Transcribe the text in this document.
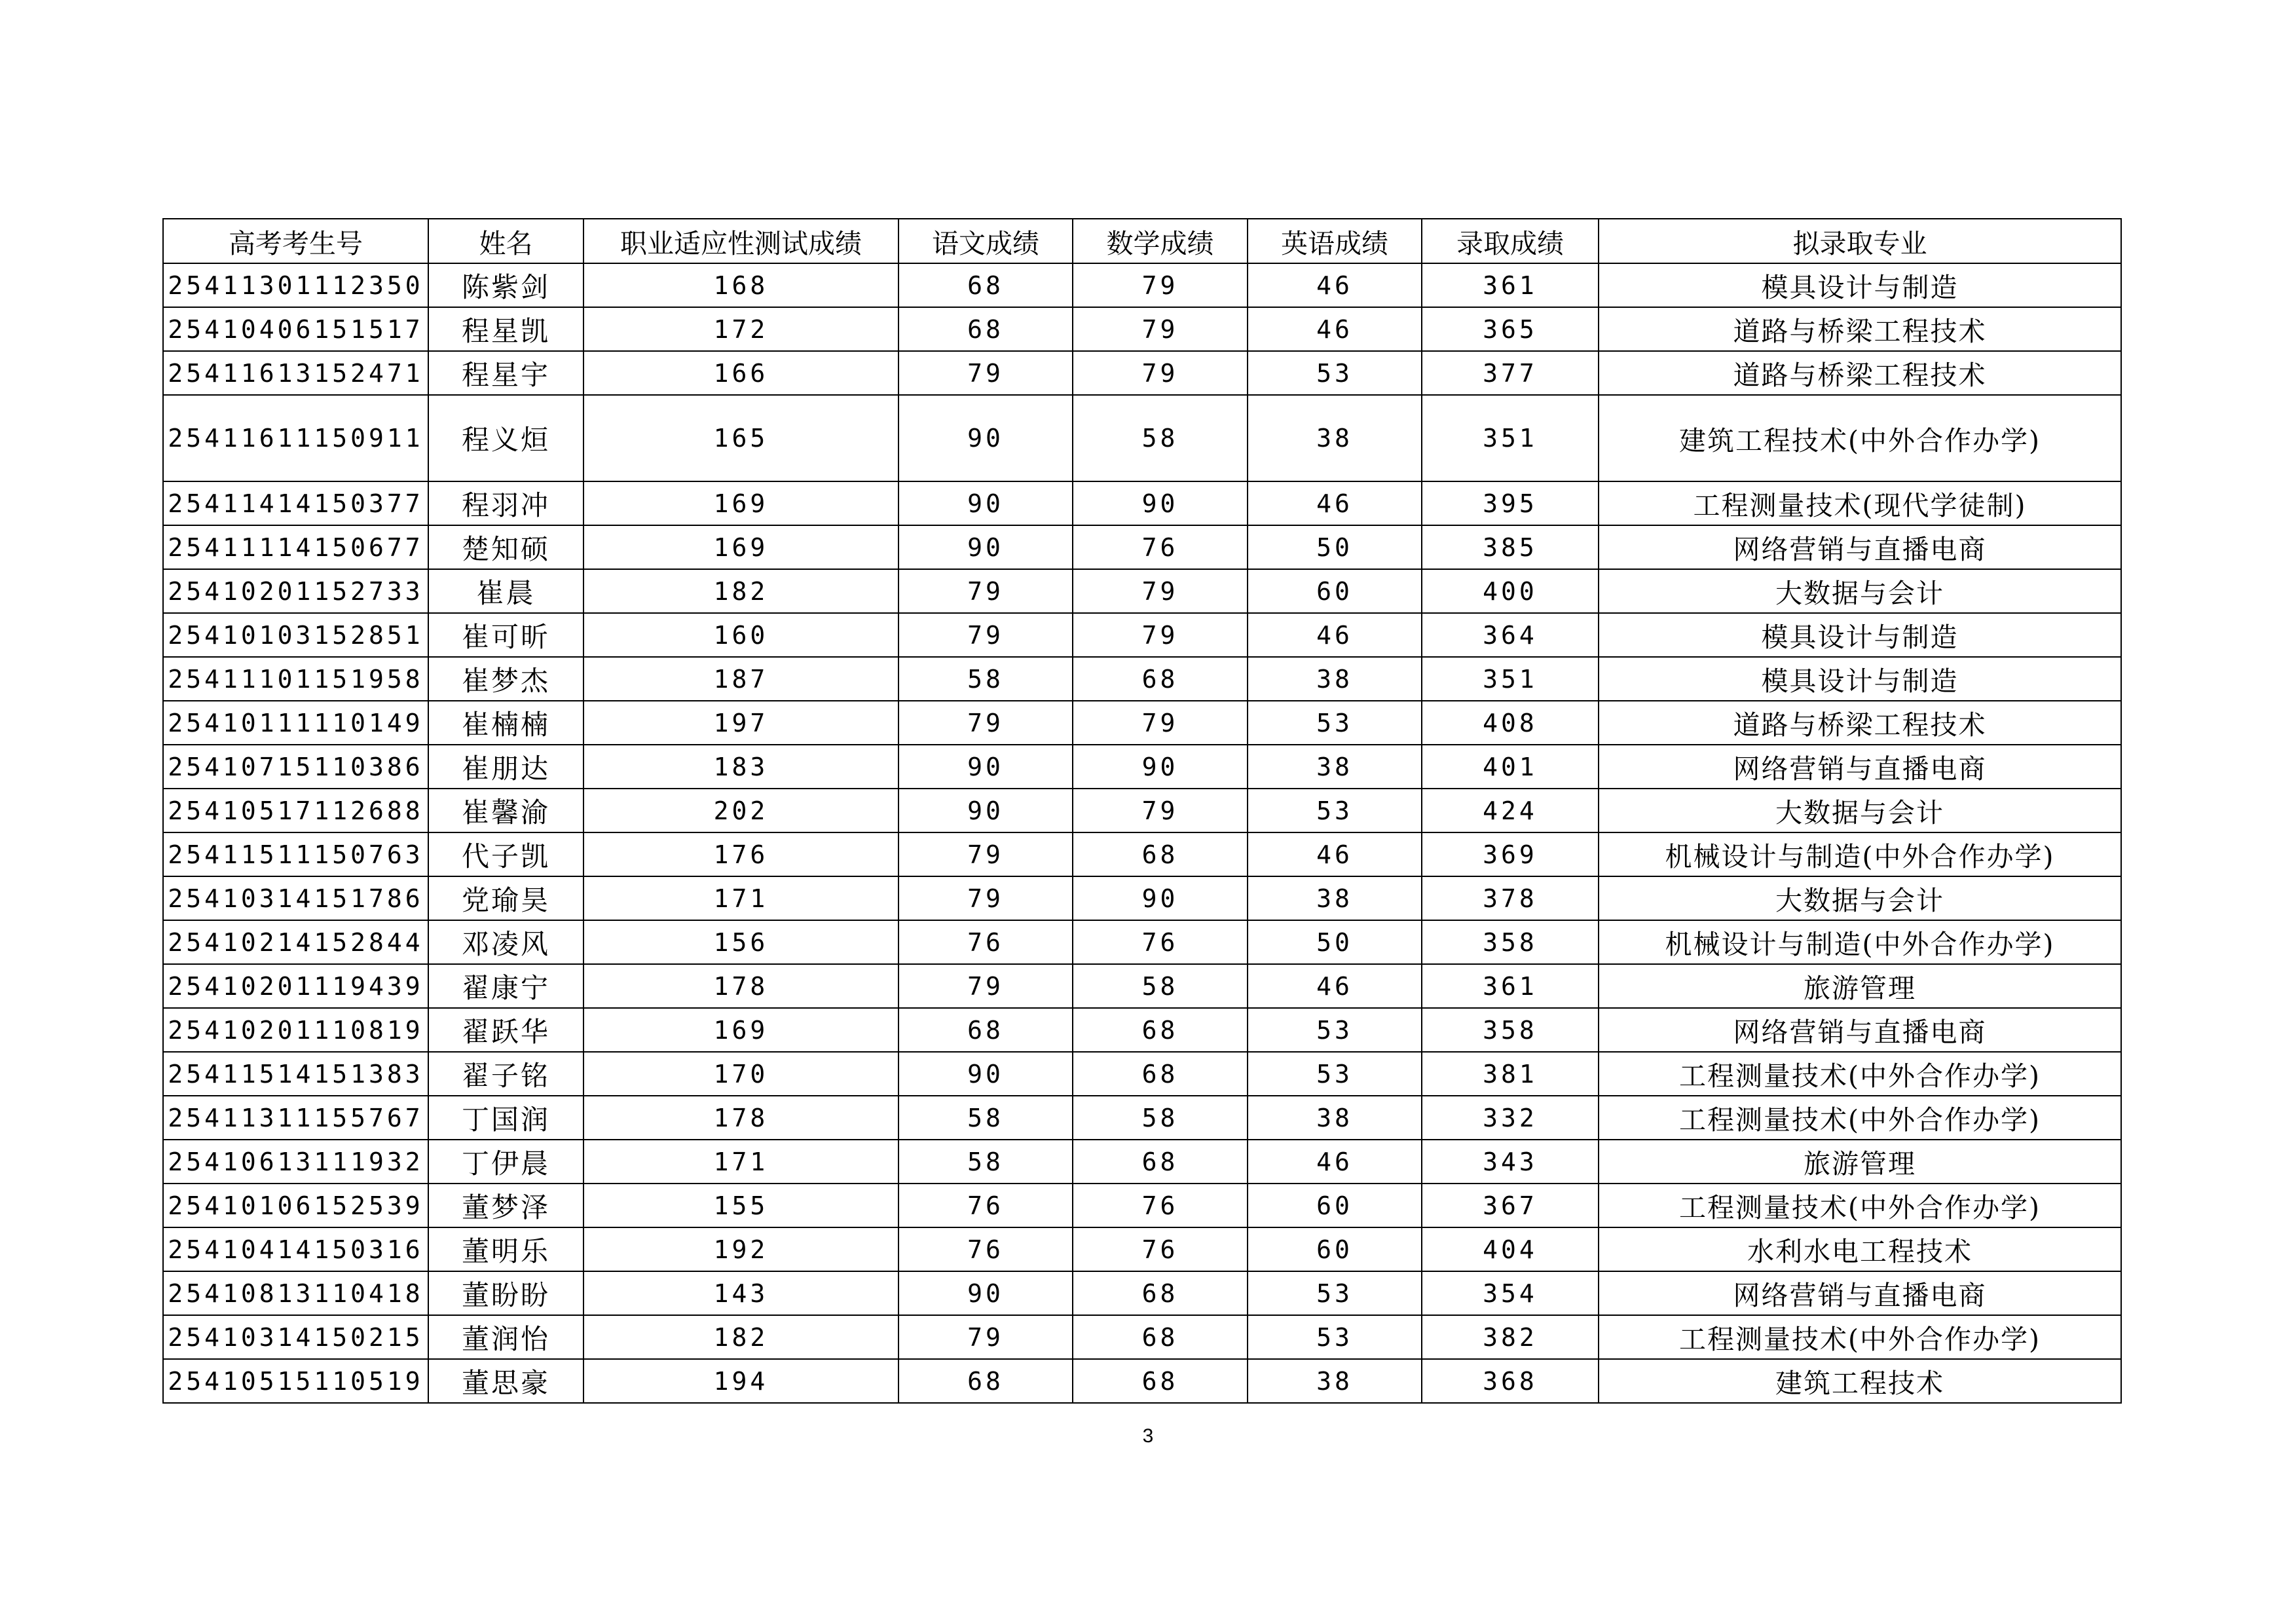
高考考生号	姓名	职业适应性测试成绩	语文成绩	数学成绩	英语成绩	录取成绩	拟录取专业
25411301112350	陈紫剑	168	68	79	46	361	模具设计与制造
25410406151517	程星凯	172	68	79	46	365	道路与桥梁工程技术
25411613152471	程星宇	166	79	79	53	377	道路与桥梁工程技术
25411611150911	程义烜	165	90	58	38	351	建筑工程技术(中外合作办学)
25411414150377	程羽冲	169	90	90	46	395	工程测量技术(现代学徒制)
25411114150677	楚知硕	169	90	76	50	385	网络营销与直播电商
25410201152733	崔晨	182	79	79	60	400	大数据与会计
25410103152851	崔可昕	160	79	79	46	364	模具设计与制造
25411101151958	崔梦杰	187	58	68	38	351	模具设计与制造
25410111110149	崔楠楠	197	79	79	53	408	道路与桥梁工程技术
25410715110386	崔朋达	183	90	90	38	401	网络营销与直播电商
25410517112688	崔馨渝	202	90	79	53	424	大数据与会计
25411511150763	代子凯	176	79	68	46	369	机械设计与制造(中外合作办学)
25410314151786	党瑜昊	171	79	90	38	378	大数据与会计
25410214152844	邓凌风	156	76	76	50	358	机械设计与制造(中外合作办学)
25410201119439	翟康宁	178	79	58	46	361	旅游管理
25410201110819	翟跃华	169	68	68	53	358	网络营销与直播电商
25411514151383	翟子铭	170	90	68	53	381	工程测量技术(中外合作办学)
25411311155767	丁国润	178	58	58	38	332	工程测量技术(中外合作办学)
25410613111932	丁伊晨	171	58	68	46	343	旅游管理
25410106152539	董梦泽	155	76	76	60	367	工程测量技术(中外合作办学)
25410414150316	董明乐	192	76	76	60	404	水利水电工程技术
25410813110418	董盼盼	143	90	68	53	354	网络营销与直播电商
25410314150215	董润怡	182	79	68	53	382	工程测量技术(中外合作办学)
25410515110519	董思豪	194	68	68	38	368	建筑工程技术
3
